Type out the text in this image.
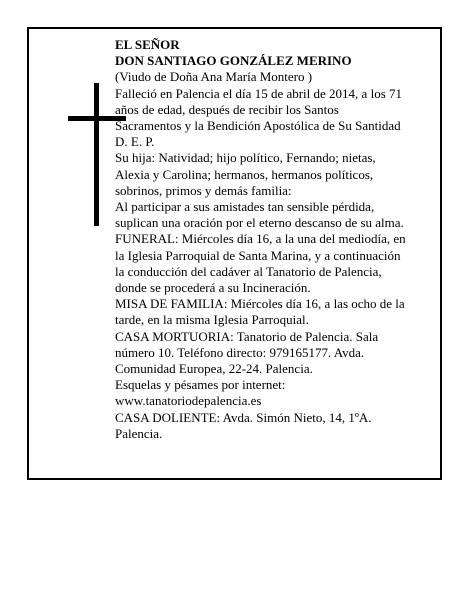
EL SEÑOR
DON SANTIAGO GONZÁLEZ MERINO
(Viudo de Doña Ana María Montero )
Falleció en Palencia el día 15 de abril de 2014, a los 71
años de edad, después de recibir los Santos
Sacramentos y la Bendición Apostólica de Su Santidad
D. E. P.
Su hija: Natividad; hijo político, Fernando; nietas,
Alexia y Carolina; hermanos, hermanos políticos,
sobrinos, primos y demás familia:
Al participar a sus amistades tan sensible pérdida,
suplican una oración por el eterno descanso de su alma.
FUNERAL: Miércoles día 16, a la una del mediodía, en
la Iglesia Parroquial de Santa Marina, y a continuación
la conducción del cadáver al Tanatorio de Palencia,
donde se procederá a su Incineración.
MISA DE FAMILIA: Miércoles día 16, a las ocho de la
tarde, en la misma Iglesia Parroquial.
CASA MORTUORIA: Tanatorio de Palencia. Sala
número 10. Teléfono directo: 979165177. Avda.
Comunidad Europea, 22-24. Palencia.
Esquelas y pésames por internet:
www.tanatoriodepalencia.es
CASA DOLIENTE: Avda. Simón Nieto, 14, 1ºA.
Palencia.
